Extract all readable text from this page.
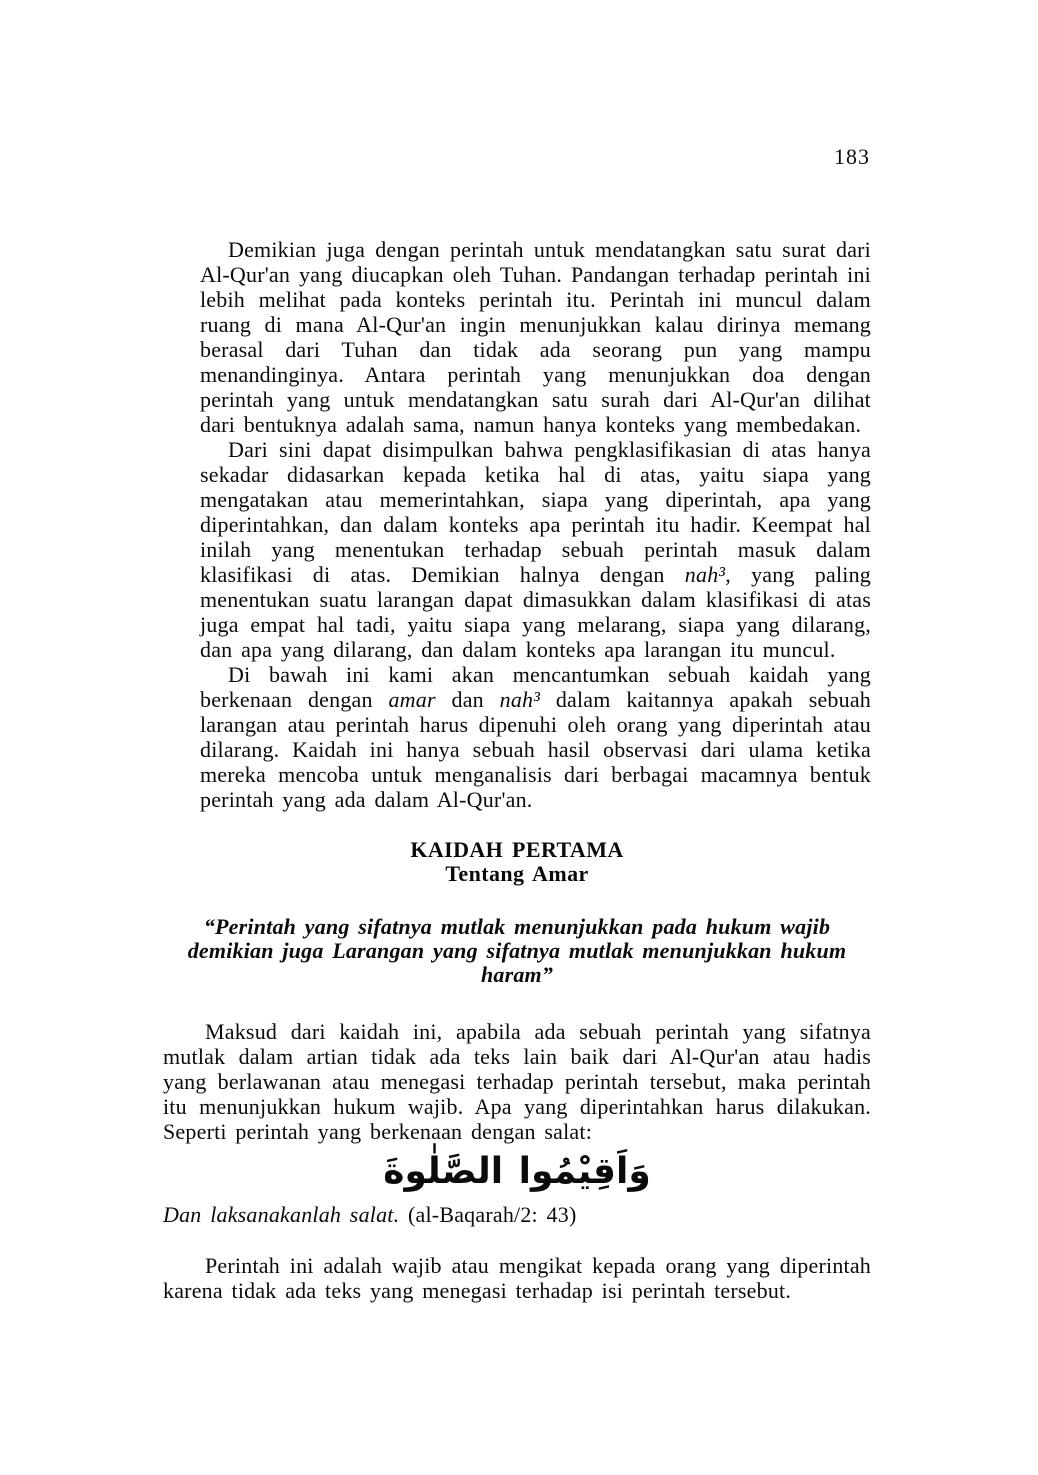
183

Demikian juga dengan perintah untuk mendatangkan satu surat dari Al-Qur'an yang diucapkan oleh Tuhan. Pandangan terhadap perintah ini lebih melihat pada konteks perintah itu. Perintah ini muncul dalam ruang di mana Al-Qur'an ingin menunjukkan kalau dirinya memang berasal dari Tuhan dan tidak ada seorang pun yang mampu menandinginya. Antara perintah yang menunjukkan doa dengan perintah yang untuk mendatangkan satu surah dari Al-Qur'an dilihat dari bentuknya adalah sama, namun hanya konteks yang membedakan.

Dari sini dapat disimpulkan bahwa pengklasifikasian di atas hanya sekadar didasarkan kepada ketika hal di atas, yaitu siapa yang mengatakan atau memerintahkan, siapa yang diperintah, apa yang diperintahkan, dan dalam konteks apa perintah itu hadir. Keempat hal inilah yang menentukan terhadap sebuah perintah masuk dalam klasifikasi di atas. Demikian halnya dengan nah³, yang paling menentukan suatu larangan dapat dimasukkan dalam klasifikasi di atas juga empat hal tadi, yaitu siapa yang melarang, siapa yang dilarang, dan apa yang dilarang, dan dalam konteks apa larangan itu muncul.

Di bawah ini kami akan mencantumkan sebuah kaidah yang berkenaan dengan amar dan nah³ dalam kaitannya apakah sebuah larangan atau perintah harus dipenuhi oleh orang yang diperintah atau dilarang. Kaidah ini hanya sebuah hasil observasi dari ulama ketika mereka mencoba untuk menganalisis dari berbagai macamnya bentuk perintah yang ada dalam Al-Qur'an.

KAIDAH PERTAMA
Tentang Amar
“Perintah yang sifatnya mutlak menunjukkan pada hukum wajib demikian juga Larangan yang sifatnya mutlak menunjukkan hukum haram”

Maksud dari kaidah ini, apabila ada sebuah perintah yang sifatnya mutlak dalam artian tidak ada teks lain baik dari Al-Qur'an atau hadis yang berlawanan atau menegasi terhadap perintah tersebut, maka perintah itu menunjukkan hukum wajib. Apa yang diperintahkan harus dilakukan. Seperti perintah yang berkenaan dengan salat:

وَاَقِيْمُوا الصَّلٰوةَ

Dan laksanakanlah salat. (al-Baqarah/2: 43)

Perintah ini adalah wajib atau mengikat kepada orang yang diperintah karena tidak ada teks yang menegasi terhadap isi perintah tersebut.
